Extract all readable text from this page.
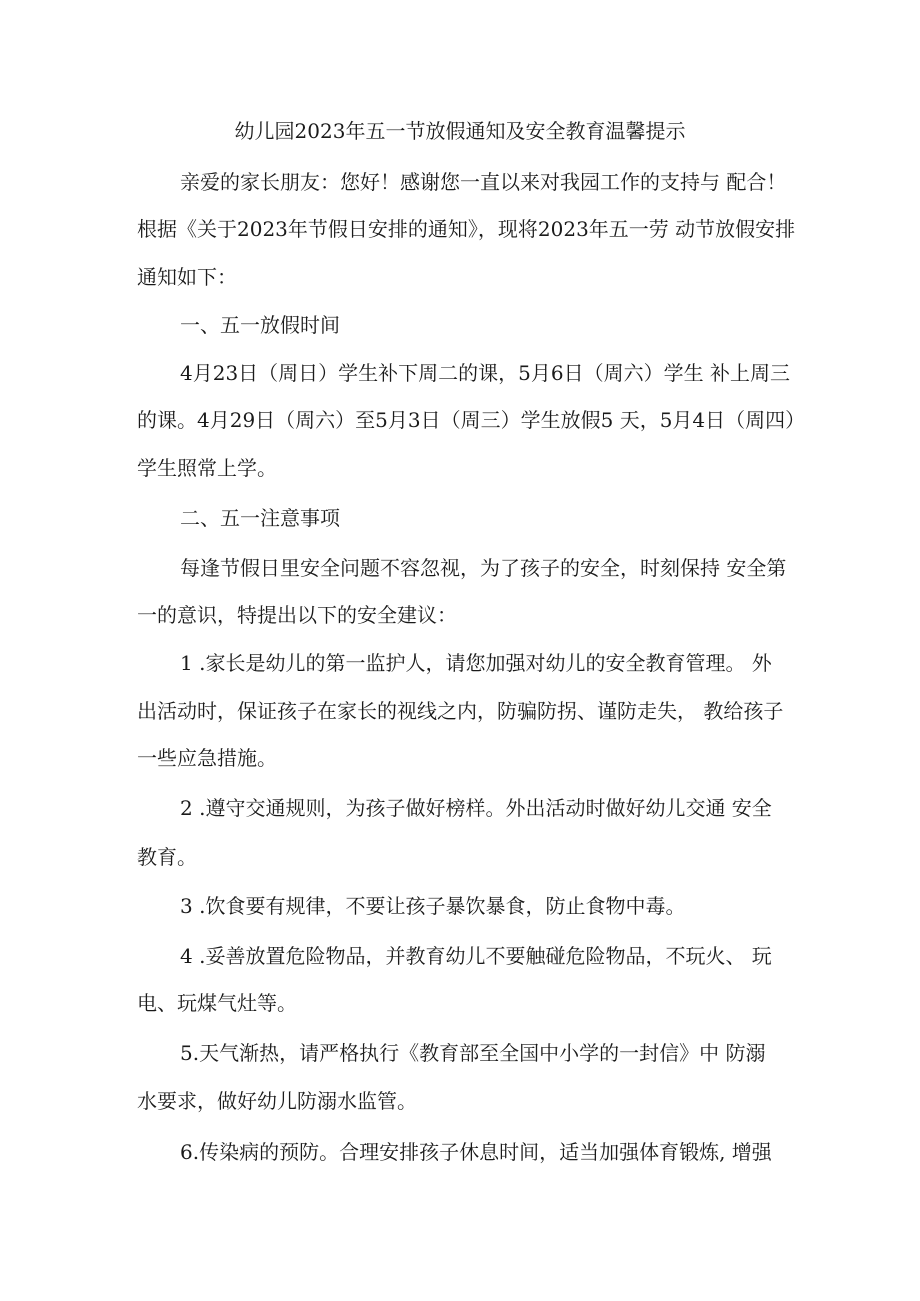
幼儿园2023年五一节放假通知及安全教育温馨提示
亲爱的家长朋友：您好！感谢您一直以来对我园工作的支持与 配合！
根据《关于2023年节假日安排的通知》，现将2023年五一劳 动节放假安排
通知如下：
一、五一放假时间
4月23日（周日）学生补下周二的课，5月6日（周六）学生 补上周三
的课。4月29日（周六）至5月3日（周三）学生放假5 天，5月4日（周四）
学生照常上学。
二、五一注意事项
每逢节假日里安全问题不容忽视，为了孩子的安全，时刻保持 安全第
一的意识，特提出以下的安全建议：
1 .家长是幼儿的第一监护人，请您加强对幼儿的安全教育管理。 外
出活动时，保证孩子在家长的视线之内，防骗防拐、谨防走失， 教给孩子
一些应急措施。
2 .遵守交通规则，为孩子做好榜样。外出活动时做好幼儿交通 安全
教育。
3 .饮食要有规律，不要让孩子暴饮暴食，防止食物中毒。
4 .妥善放置危险物品，并教育幼儿不要触碰危险物品，不玩火、 玩
电、玩煤气灶等。
5.天气渐热，请严格执行《教育部至全国中小学的一封信》中 防溺
水要求，做好幼儿防溺水监管。
6.传染病的预防。合理安排孩子休息时间，适当加强体育锻炼, 增强
